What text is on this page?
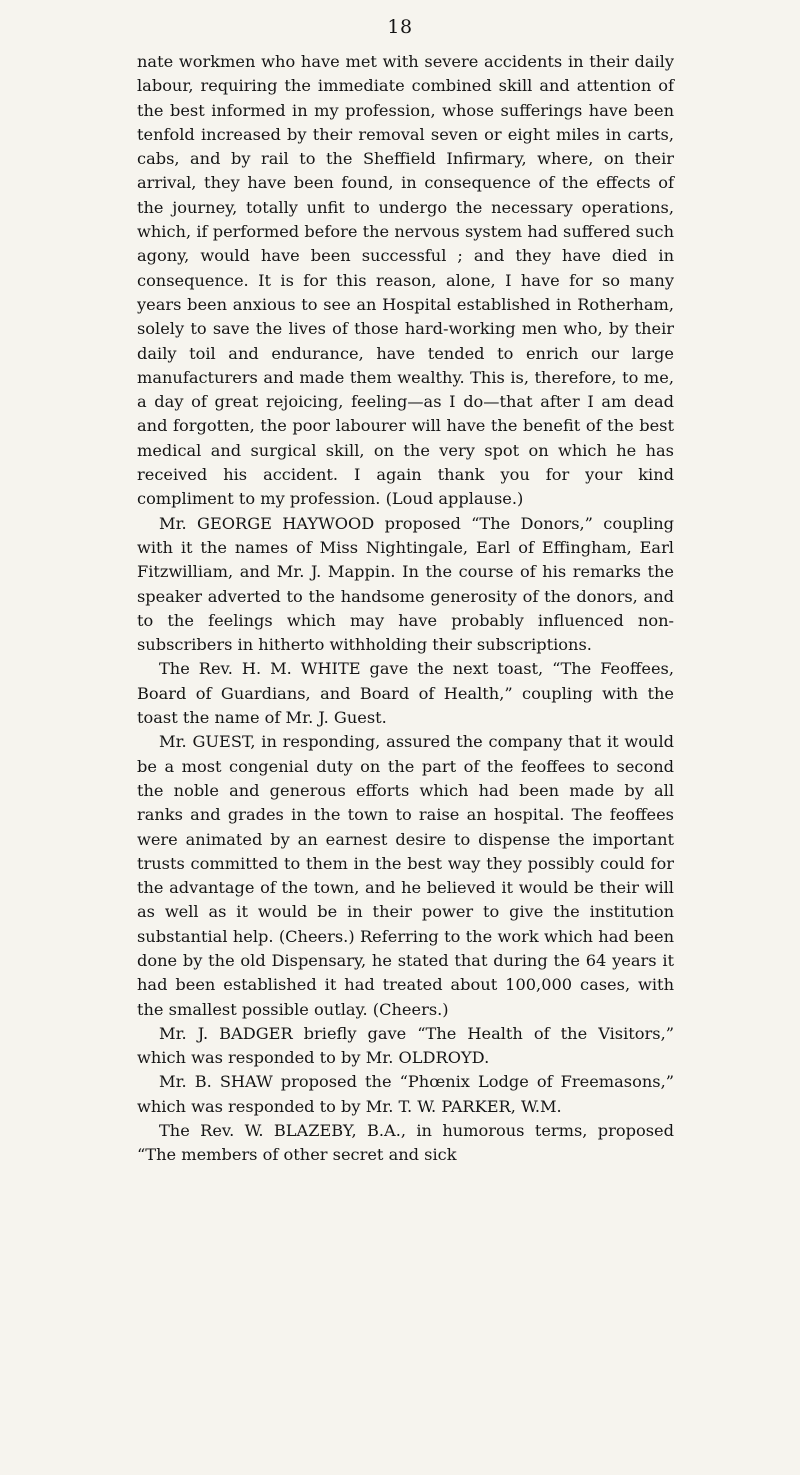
18

nate workmen who have met with severe accidents in their daily labour, requiring the immediate combined skill and attention of the best informed in my profession, whose sufferings have been tenfold increased by their removal seven or eight miles in carts, cabs, and by rail to the Sheffield Infirmary, where, on their arrival, they have been found, in consequence of the effects of the journey, totally unfit to undergo the necessary operations, which, if performed before the nervous system had suffered such agony, would have been successful ; and they have died in consequence. It is for this reason, alone, I have for so many years been anxious to see an Hospital established in Rotherham, solely to save the lives of those hard-working men who, by their daily toil and endurance, have tended to enrich our large manufacturers and made them wealthy. This is, therefore, to me, a day of great rejoicing, feeling—as I do—that after I am dead and forgotten, the poor labourer will have the benefit of the best medical and surgical skill, on the very spot on which he has received his accident. I again thank you for your kind compliment to my profession. (Loud applause.)

Mr. GEORGE HAYWOOD proposed “The Donors,” coupling with it the names of Miss Nightingale, Earl of Effingham, Earl Fitzwilliam, and Mr. J. Mappin. In the course of his remarks the speaker adverted to the handsome generosity of the donors, and to the feelings which may have probably influenced non-subscribers in hitherto withholding their subscriptions.

The Rev. H. M. WHITE gave the next toast, “The Feoffees, Board of Guardians, and Board of Health,” coupling with the toast the name of Mr. J. Guest.

Mr. GUEST, in responding, assured the company that it would be a most congenial duty on the part of the feoffees to second the noble and generous efforts which had been made by all ranks and grades in the town to raise an hospital. The feoffees were animated by an earnest desire to dispense the important trusts committed to them in the best way they possibly could for the advantage of the town, and he believed it would be their will as well as it would be in their power to give the institution substantial help. (Cheers.) Referring to the work which had been done by the old Dispensary, he stated that during the 64 years it had been established it had treated about 100,000 cases, with the smallest possible outlay. (Cheers.)

Mr. J. BADGER briefly gave “The Health of the Visitors,” which was responded to by Mr. OLDROYD.

Mr. B. SHAW proposed the “Phœnix Lodge of Freemasons,” which was responded to by Mr. T. W. PARKER, W.M.

The Rev. W. BLAZEBY, B.A., in humorous terms, proposed “The members of other secret and sick
